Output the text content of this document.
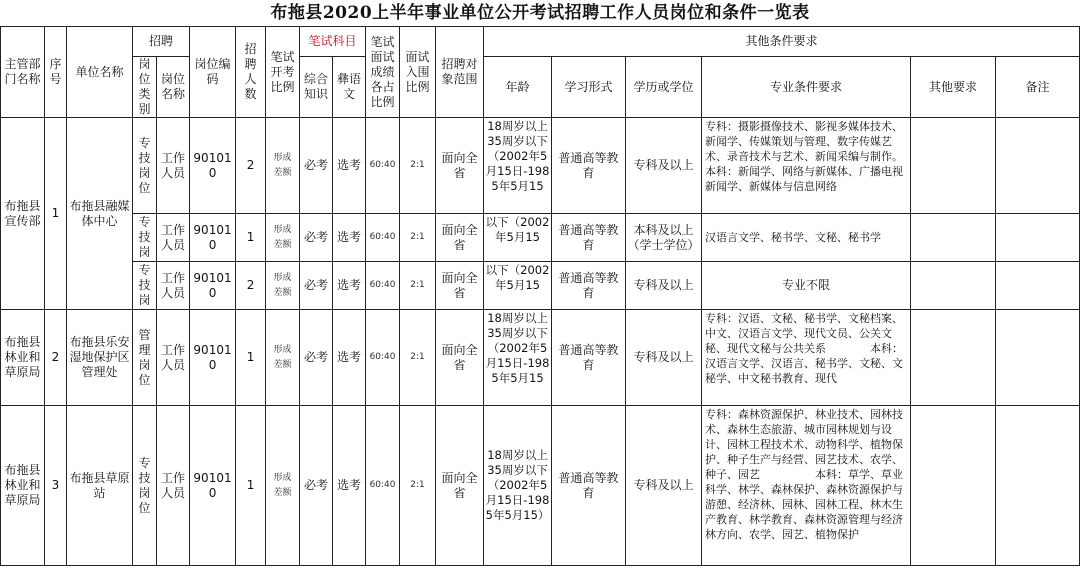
布拖县2020上半年事业单位公开考试招聘工作人员岗位和条件一览表
主管部门名称	序号	单位名称	招聘		岗位编码	招聘人数	笔试开考比例	笔试科目		笔试面试成绩各占比例	面试入围比例	招聘对象范围	其他条件要求					
			岗位类别	岗位名称				综合知识	彝语文				年龄	学习形式	学历或学位	专业条件要求	其他要求	备注
布拖县宣传部	1	布拖县融媒体中心	专技岗位	工作人员	901010	2	形成差额	必考	选考	60:40	2:1	面向全省	18周岁以上35周岁以下（2002年5月15日-1985年5月15	普通高等教育	专科及以上	专科：摄影摄像技术、影视多媒体技术、新闻学、传媒策划与管理、数字传媒艺术、录音技术与艺术、新闻采编与制作。本科：新闻学、网络与新媒体、广播电视新闻学、新媒体与信息网络		

			专技岗	工作人员	901010	1	形成差额	必考	选考	60:40	2:1	面向全省	以下（2002年5月15	普通高等教育	本科及以上（学士学位）	汉语言文学、秘书学、文秘、秘书学		

			专技岗	工作人员	901010	2	形成差额	必考	选考	60:40	2:1	面向全省	以下（2002年5月15	普通高等教育	专科及以上	专业不限		
布拖县林业和草原局	2	布拖县乐安湿地保护区管理处	管理岗位	工作人员	901010	1	形成差额	必考	选考	60:40	2:1	面向全省	18周岁以上35周岁以下（2002年5月15日-1985年5月15	普通高等教育	专科及以上	专科：汉语、文秘、秘书学、文秘档案、中文、汉语言文学、现代文员、公关文秘、现代文秘与公共关系　　　　本科：汉语言文学、汉语言、秘书学、文秘、文秘学、中文秘书教育、现代		

布拖县林业和草原局	3	布拖县草原站	专技岗位	工作人员	901010	1	形成差额	必考	选考	60:40	2:1	面向全省	18周岁以上35周岁以下（2002年5月15日-1985年5月15）	普通高等教育	专科及以上	专科：森林资源保护、林业技术、园林技术、森林生态旅游、城市园林规划与设计、园林工程技术术、动物科学、植物保护、种子生产与经营、园艺技术、农学、种子、园艺　　　　　本科：草学、草业科学、林学、森林保护、森林资源保护与游憩、经济林、园林、园林工程、林木生产教育、林学教育、森林资源管理与经济林方向、农学、园艺、植物保护		
